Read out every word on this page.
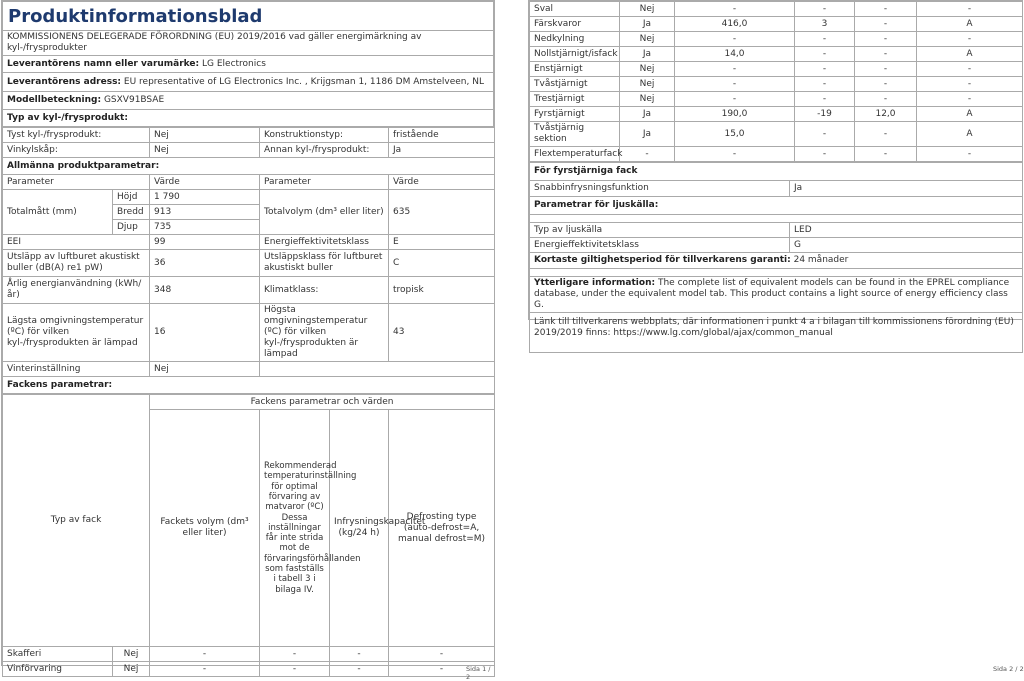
Produktinformationsblad
KOMMISSIONENS DELEGERADE FÖRORDNING (EU) 2019/2016 vad gäller energimärkning av kyl-/frysprodukter
Leverantörens namn eller varumärke: LG Electronics
Leverantörens adress: EU representative of LG Electronics Inc. , Krijgsman 1, 1186 DM Amstelveen, NL
Modellbeteckning: GSXV91BSAE
Typ av kyl-/frysprodukt:
Tyst kyl-/frysprodukt:		Nej	Konstruktionstyp:	fristående
Vinkylskåp:		Nej	Annan kyl-/frysprodukt:	Ja
Allmänna produktparametrar:				
Parameter		Värde	Parameter	Värde
Totalmått (mm)	Höjd	1 790	Totalvolym (dm³ eller liter)	635
	Bredd	913		
	Djup	735		
EEI		99	Energieffektivitetsklass	E
Utsläpp av luftburet akustiskt buller (dB(A) re1 pW)		36	Utsläppsklass för luftburet akustiskt buller	C
Årlig energianvändning (kWh/år)		348	Klimatklass:	tropisk
Lägsta omgivningstemperatur (ºC) för vilken kyl-/frysprodukten är lämpad		16	Högsta omgivningstemperatur (ºC) för vilken kyl-/frysprodukten är lämpad	43
Vinterinställning		Nej		
Fackens parametrar:				
Typ av fack		Fackens parametrar och värden			
		Fackets volym (dm³ eller liter)	Rekommenderad temperaturinställning för optimal förvaring av matvaror (ºC) Dessa inställningar får inte strida mot de förvaringsförhållanden som fastställs i tabell 3 i bilaga IV.	Infrysningskapacitet (kg/24 h)	Defrosting type (auto-defrost=A, manual defrost=M)
Skafferi	Nej	-	-	-	-
Vinförvaring	Nej	-	-	-	-	Sida 1 / 2
Sval	Nej	-	-	-	-
Färskvaror	Ja	416,0	3	-	A
Nedkylning	Nej	-	-	-	-
Nollstjärnigt/isfack	Ja	14,0	-	-	A
Enstjärnigt	Nej	-	-	-	-
Tvåstjärnigt	Nej	-	-	-	-
Trestjärnigt	Nej	-	-	-	-
Fyrstjärnigt	Ja	190,0	-19	12,0	A
Tvåstjärnig sektion	Ja	15,0	-	-	A
Flextemperaturfack	-	-	-	-	-
För fyrstjärniga fack	
Snabbinfrysningsfunktion	Ja
Parametrar för ljuskälla:	

Typ av ljuskälla	LED
Energieffektivitetsklass	G
Kortaste giltighetsperiod för tillverkarens garanti: 24 månader	

Ytterligare information: The complete list of equivalent models can be found in the EPREL compliance database, under the equivalent model tab. This product contains a light source of energy efficiency class G.	
Länk till tillverkarens webbplats, där informationen i punkt 4 a i bilagan till kommissionens förordning (EU) 2019/2019 finns: https://www.lg.com/global/ajax/common_manual	
Sida 2 / 2
